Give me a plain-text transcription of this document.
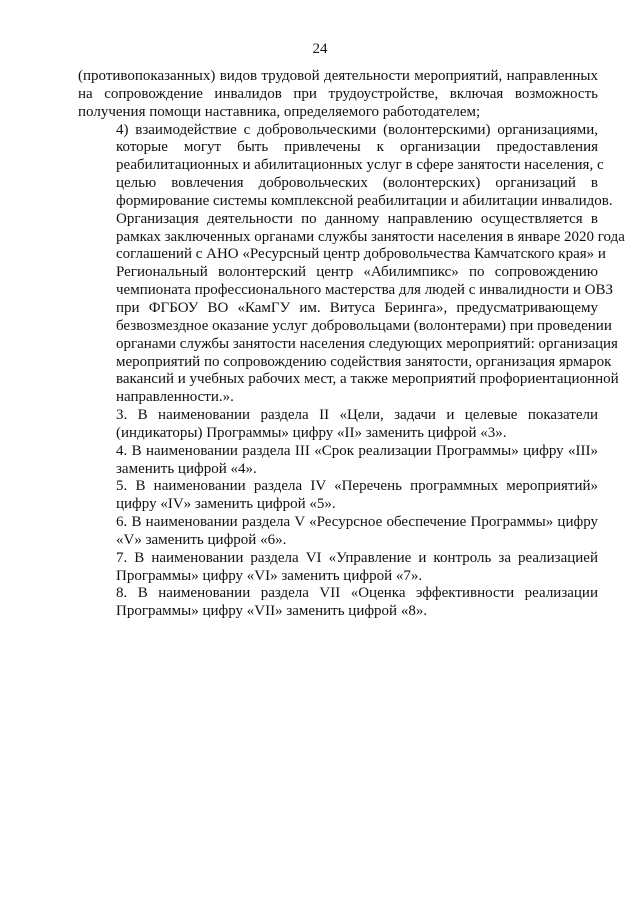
24
(противопоказанных) видов трудовой деятельности мероприятий, направленных
на сопровождение инвалидов при трудоустройстве, включая возможность
получения помощи наставника, определяемого работодателем;
4) взаимодействие с добровольческими (волонтерскими) организациями,
которые могут быть привлечены к организации предоставления
реабилитационных и абилитационных услуг в сфере занятости населения, с
целью вовлечения добровольческих (волонтерских) организаций в
формирование системы комплексной реабилитации и абилитации инвалидов.
Организация деятельности по данному направлению осуществляется в
рамках заключенных органами службы занятости населения в январе 2020 года
соглашений с АНО «Ресурсный центр добровольчества Камчатского края» и
Региональный волонтерский центр «Абилимпикс» по сопровождению
чемпионата профессионального мастерства для людей с инвалидности и ОВЗ
при ФГБОУ ВО «КамГУ им. Витуса Беринга», предусматривающему
безвозмездное оказание услуг добровольцами (волонтерами) при проведении
органами службы занятости населения следующих мероприятий: организация
мероприятий по сопровождению содействия занятости, организация ярмарок
вакансий и учебных рабочих мест, а также мероприятий профориентационной
направленности.».
3. В наименовании раздела II «Цели, задачи и целевые показатели
(индикаторы) Программы» цифру «II» заменить цифрой «3».
4. В наименовании раздела III «Срок реализации Программы» цифру «III»
заменить цифрой «4».
5. В наименовании раздела IV «Перечень программных мероприятий»
цифру «IV» заменить цифрой «5».
6. В наименовании раздела V «Ресурсное обеспечение Программы» цифру
«V» заменить цифрой «6».
7. В наименовании раздела VI «Управление и контроль за реализацией
Программы» цифру «VI» заменить цифрой «7».
8. В наименовании раздела VII «Оценка эффективности реализации
Программы» цифру «VII» заменить цифрой «8».
